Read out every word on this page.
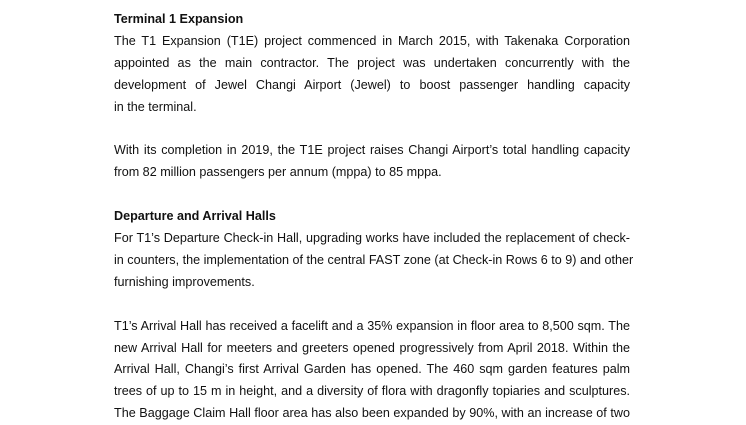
Terminal 1 Expansion

The T1 Expansion (T1E) project commenced in March 2015, with Takenaka Corporation
appointed as the main contractor. The project was undertaken concurrently with the
development of Jewel Changi Airport (Jewel) to boost passenger handling capacity
in the terminal.

With its completion in 2019, the T1E project raises Changi Airport’s total handling capacity
from 82 million passengers per annum (mppa) to 85 mppa.

Departure and Arrival Halls

For T1’s Departure Check-in Hall, upgrading works have included the replacement of check-
in counters, the implementation of the central FAST zone (at Check-in Rows 6 to 9) and other
furnishing improvements.

T1’s Arrival Hall has received a facelift and a 35% expansion in floor area to 8,500 sqm. The
new Arrival Hall for meeters and greeters opened progressively from April 2018. Within the
Arrival Hall, Changi’s first Arrival Garden has opened. The 460 sqm garden features palm
trees of up to 15 m in height, and a diversity of flora with dragonfly topiaries and sculptures.
The Baggage Claim Hall floor area has also been expanded by 90%, with an increase of two
